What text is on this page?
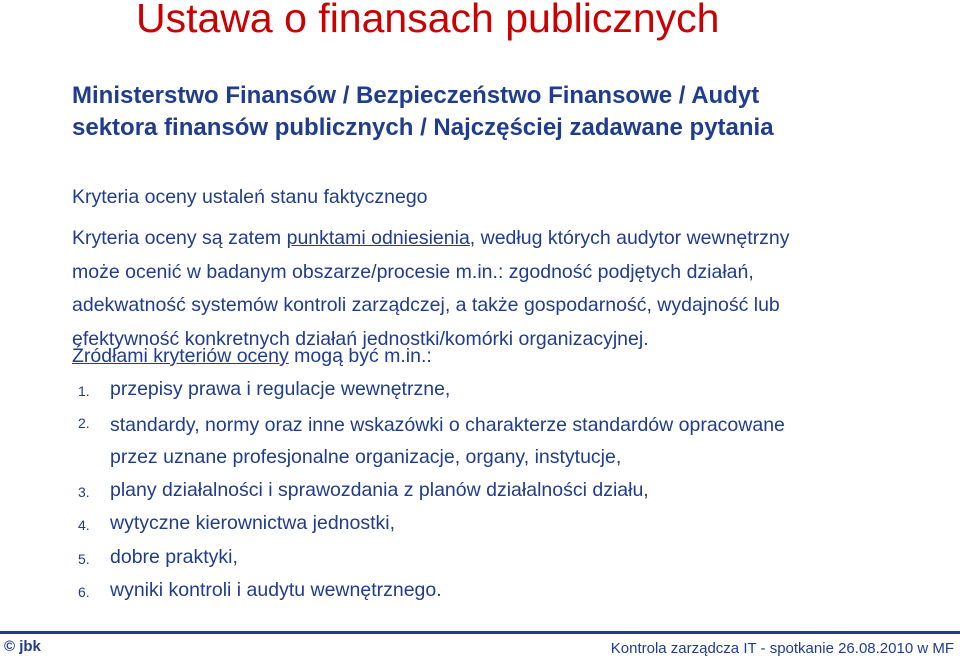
Ustawa o finansach publicznych
Ministerstwo Finansów / Bezpieczeństwo Finansowe / Audyt
sektora finansów publicznych / Najczęściej zadawane pytania
Kryteria oceny ustaleń stanu faktycznego
Kryteria oceny są zatem punktami odniesienia, według których audytor wewnętrzny
może ocenić w badanym obszarze/procesie m.in.: zgodność podjętych działań,
adekwatność systemów kontroli zarządczej, a także gospodarność, wydajność lub
efektywność konkretnych działań jednostki/komórki organizacyjnej.
Źródłami kryteriów oceny mogą być m.in.:
1. przepisy prawa i regulacje wewnętrzne,
2. standardy, normy oraz inne wskazówki o charakterze standardów opracowane
przez uznane profesjonalne organizacje, organy, instytucje,
3. plany działalności i sprawozdania z planów działalności działu,
4. wytyczne kierownictwa jednostki,
5. dobre praktyki,
6. wyniki kontroli i audytu wewnętrznego.
© jbk	Kontrola zarządcza IT - spotkanie 26.08.2010 w MF
